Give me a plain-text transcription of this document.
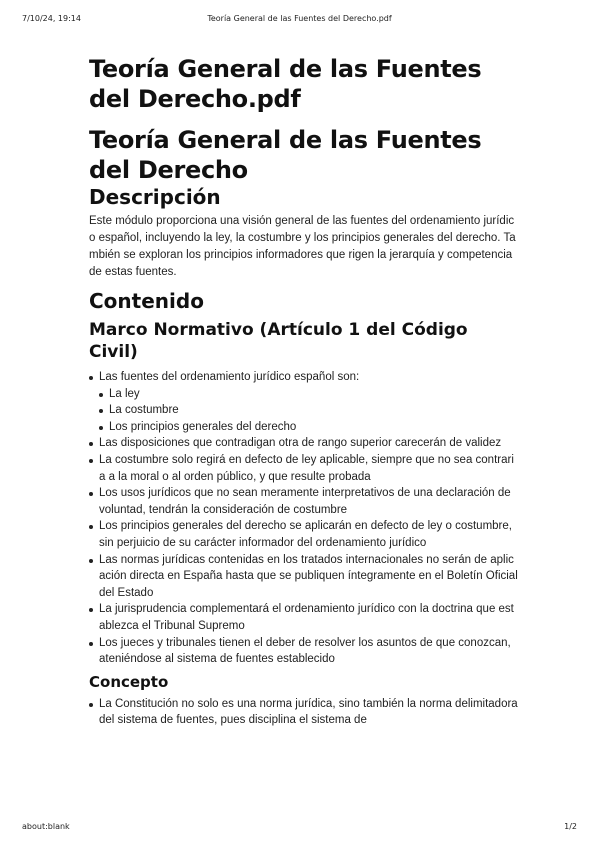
7/10/24, 19:14	Teoría General de las Fuentes del Derecho.pdf
Teoría General de las Fuentes del Derecho.pdf
Teoría General de las Fuentes del Derecho
Descripción

Este módulo proporciona una visión general de las fuentes del ordenamiento jurídico español, incluyendo la ley, la costumbre y los principios generales del derecho. También se exploran los principios informadores que rigen la jerarquía y competencia de estas fuentes.

Contenido
Marco Normativo (Artículo 1 del Código Civil)
Las fuentes del ordenamiento jurídico español son:
La ley
La costumbre
Los principios generales del derecho
Las disposiciones que contradigan otra de rango superior carecerán de validez
La costumbre solo regirá en defecto de ley aplicable, siempre que no sea contraria a la moral o al orden público, y que resulte probada
Los usos jurídicos que no sean meramente interpretativos de una declaración de voluntad, tendrán la consideración de costumbre
Los principios generales del derecho se aplicarán en defecto de ley o costumbre, sin perjuicio de su carácter informador del ordenamiento jurídico
Las normas jurídicas contenidas en los tratados internacionales no serán de aplicación directa en España hasta que se publiquen íntegramente en el Boletín Oficial del Estado
La jurisprudencia complementará el ordenamiento jurídico con la doctrina que establezca el Tribunal Supremo
Los jueces y tribunales tienen el deber de resolver los asuntos de que conozcan, ateniéndose al sistema de fuentes establecido
Concepto
La Constitución no solo es una norma jurídica, sino también la norma delimitadora del sistema de fuentes, pues disciplina el sistema de
about:blank	1/2
